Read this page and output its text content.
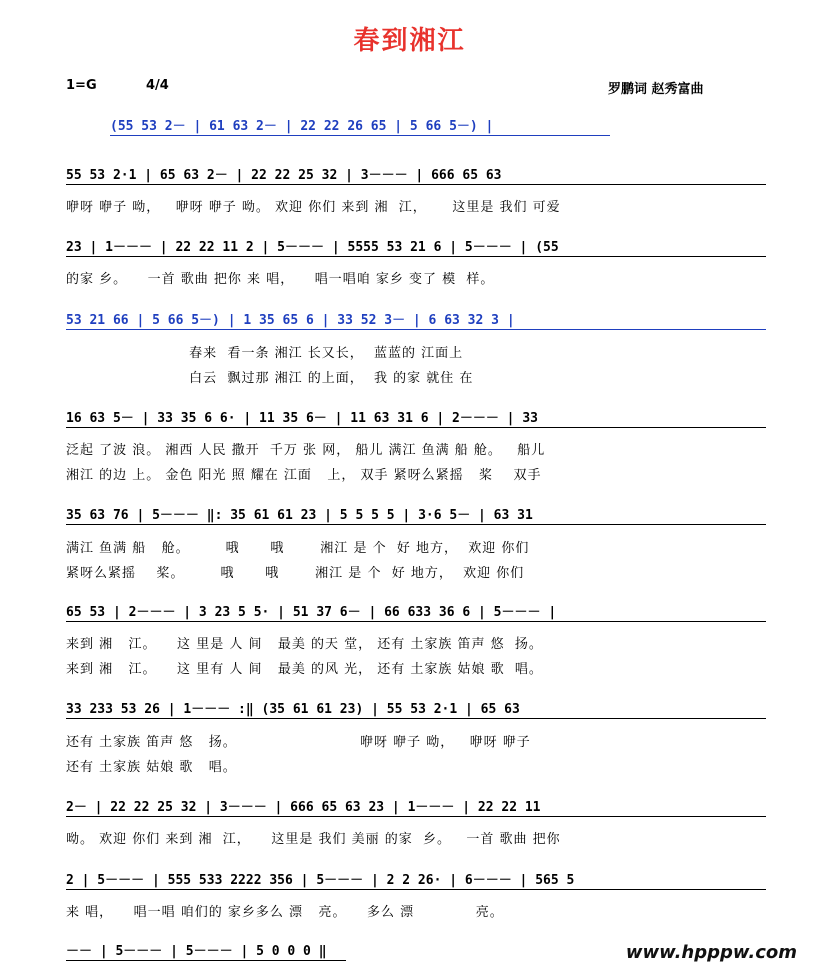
春到湘江
1=G	4/4	罗鹏词 赵秀富曲
(55 53 2－ | 61 63 2－ | 22 22 26 65 | 5 66 5－) |
55 53 2·1 | 65 63 2－ | 22 22 25 32 | 3－－－ | 666 65 63
咿呀 咿子 呦，   咿呀 咿子 呦。 欢迎 你们 来到 湘  江，     这里是 我们 可爱
23 | 1－－－ | 22 22 11 2 | 5－－－ | 5555 53 21 6 | 5－－－ | (55
的家 乡。    一首 歌曲 把你 来 唱，    唱一唱咱 家乡 变了 模  样。
53 21 66 | 5 66 5－) | 1 35 65 6 | 33 52 3－ | 6 63 32 3 |
春来  看一条 湘江 长又长，  蓝蓝的 江面上
白云  飘过那 湘江 的上面，  我 的家 就住 在
16 63 5－ | 33 35 6 6· | 11 35 6－ | 11 63 31 6 | 2－－－ | 33
泛起 了波 浪。 湘西 人民 撒开  千万 张 网， 船儿 满江 鱼满 船 舱。   船儿
湘江 的边 上。 金色 阳光 照 耀在 江面   上， 双手 紧呀么紧摇   桨    双手
35 63 76 | 5－－－ ‖: 35 61 61 23 | 5 5 5 5 | 3·6 5－ | 63 31
满江 鱼满 船   舱。       哦      哦       湘江 是 个  好 地方，  欢迎 你们
紧呀么紧摇    桨。       哦      哦       湘江 是 个  好 地方，  欢迎 你们
65 53 | 2－－－ | 3 23 5 5· | 51 37 6－ | 66 633 36 6 | 5－－－ |
来到 湘   江。    这 里是 人 间   最美 的天 堂， 还有 土家族 笛声 悠  扬。
来到 湘   江。    这 里有 人 间   最美 的风 光， 还有 土家族 姑娘 歌  唱。
33 233 53 26 | 1－－－ :‖ (35 61 61 23) | 55 53 2·1 | 65 63
还有 土家族 笛声 悠   扬。                        咿呀 咿子 呦，   咿呀 咿子
还有 土家族 姑娘 歌   唱。
2－ | 22 22 25 32 | 3－－－ | 666 65 63 23 | 1－－－ | 22 22 11
呦。 欢迎 你们 来到 湘  江，    这里是 我们 美丽 的家  乡。   一首 歌曲 把你
2 | 5－－－ | 555 533 2222 356 | 5－－－ | 2 2 26· | 6－－－ | 565 5
来 唱，    唱一唱 咱们的 家乡多么 漂   亮。    多么 漂            亮。
－－ | 5－－－ | 5－－－ | 5 0 0 0 ‖	www.hpppw.com
